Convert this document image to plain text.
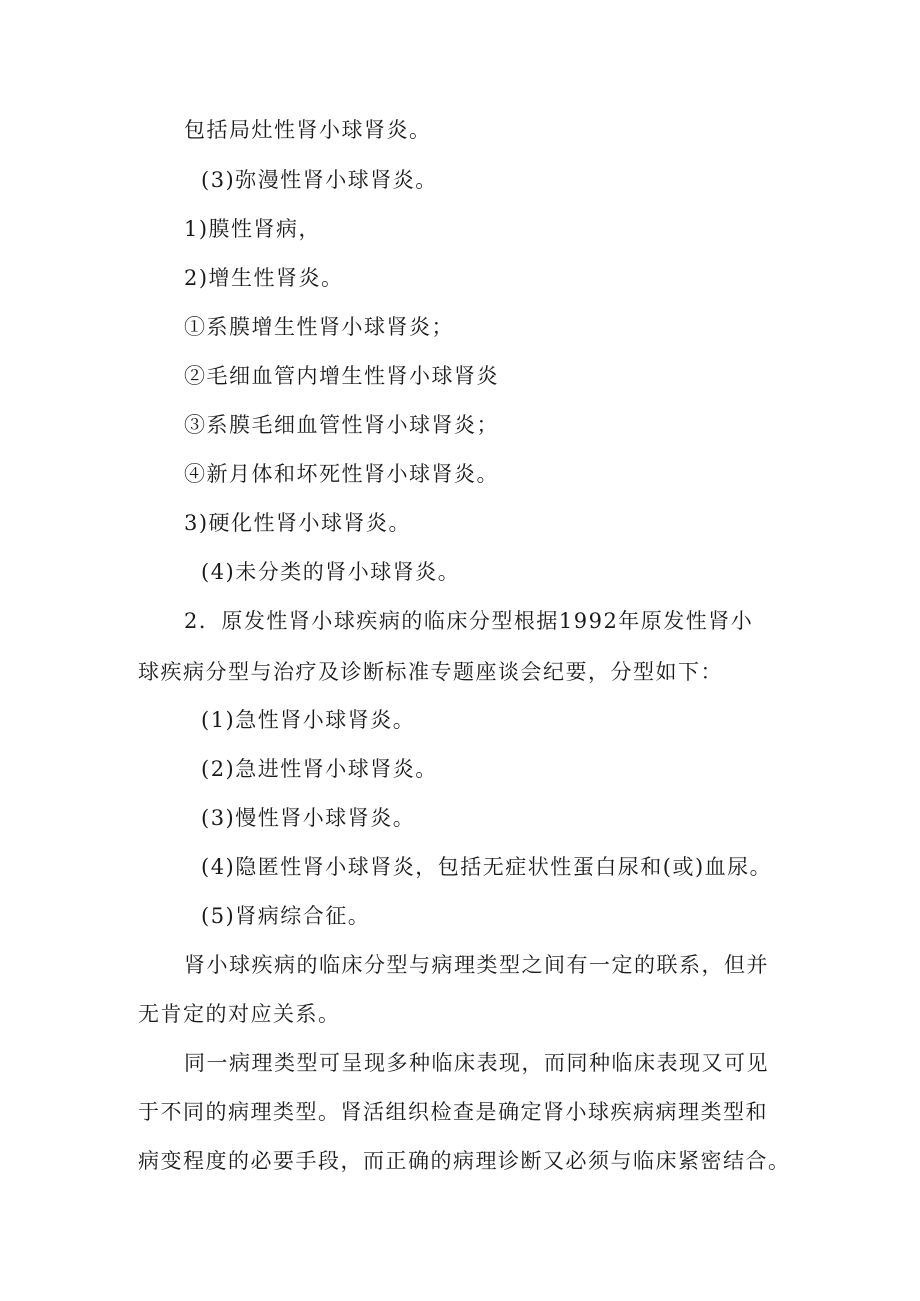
包括局灶性肾小球肾炎。
(3)弥漫性肾小球肾炎。
1)膜性肾病，
2)增生性肾炎。
①系膜增生性肾小球肾炎；
②毛细血管内增生性肾小球肾炎
③系膜毛细血管性肾小球肾炎；
④新月体和坏死性肾小球肾炎。
3)硬化性肾小球肾炎。
(4)未分类的肾小球肾炎。
2．原发性肾小球疾病的临床分型根据1992年原发性肾小
球疾病分型与治疗及诊断标准专题座谈会纪要，分型如下：
(1)急性肾小球肾炎。
(2)急进性肾小球肾炎。
(3)慢性肾小球肾炎。
(4)隐匿性肾小球肾炎，包括无症状性蛋白尿和(或)血尿。
(5)肾病综合征。
肾小球疾病的临床分型与病理类型之间有一定的联系，但并
无肯定的对应关系。
同一病理类型可呈现多种临床表现，而同种临床表现又可见
于不同的病理类型。肾活组织检查是确定肾小球疾病病理类型和
病变程度的必要手段，而正确的病理诊断又必须与临床紧密结合。
